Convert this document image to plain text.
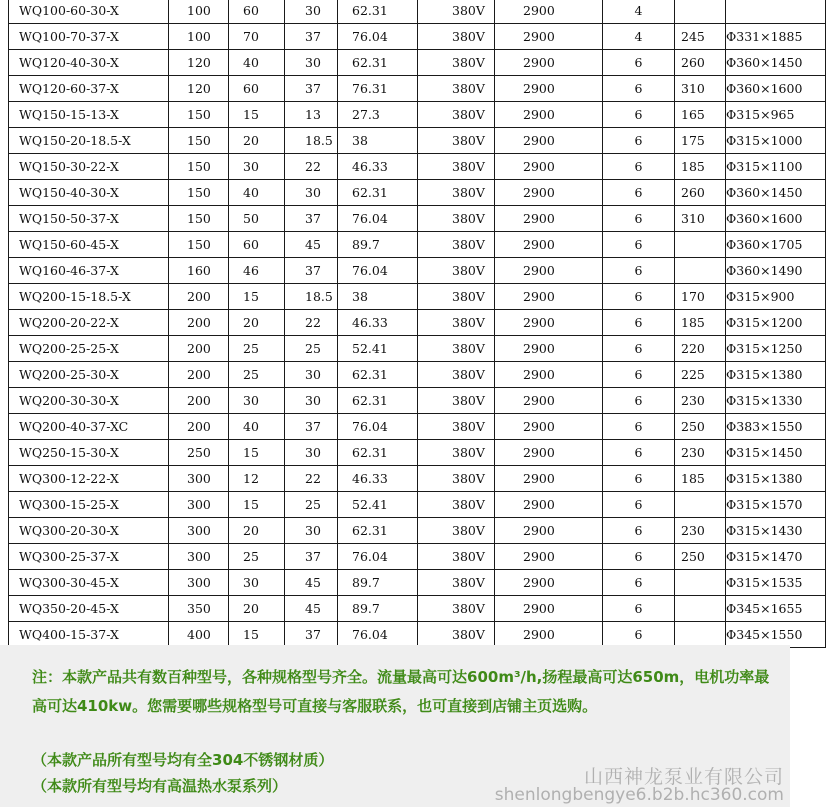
	WQ100-60-30-X	100	60	30	62.31	380V	2900	4		
	WQ100-70-37-X	100	70	37	76.04	380V	2900	4	245	Φ331×1885
	WQ120-40-30-X	120	40	30	62.31	380V	2900	6	260	Φ360×1450
	WQ120-60-37-X	120	60	37	76.31	380V	2900	6	310	Φ360×1600
	WQ150-15-13-X	150	15	13	27.3	380V	2900	6	165	Φ315×965
	WQ150-20-18.5-X	150	20	18.5	38	380V	2900	6	175	Φ315×1000
	WQ150-30-22-X	150	30	22	46.33	380V	2900	6	185	Φ315×1100
	WQ150-40-30-X	150	40	30	62.31	380V	2900	6	260	Φ360×1450
	WQ150-50-37-X	150	50	37	76.04	380V	2900	6	310	Φ360×1600
	WQ150-60-45-X	150	60	45	89.7	380V	2900	6		Φ360×1705
	WQ160-46-37-X	160	46	37	76.04	380V	2900	6		Φ360×1490
	WQ200-15-18.5-X	200	15	18.5	38	380V	2900	6	170	Φ315×900
	WQ200-20-22-X	200	20	22	46.33	380V	2900	6	185	Φ315×1200
	WQ200-25-25-X	200	25	25	52.41	380V	2900	6	220	Φ315×1250
	WQ200-25-30-X	200	25	30	62.31	380V	2900	6	225	Φ315×1380
	WQ200-30-30-X	200	30	30	62.31	380V	2900	6	230	Φ315×1330
	WQ200-40-37-XC	200	40	37	76.04	380V	2900	6	250	Φ383×1550
	WQ250-15-30-X	250	15	30	62.31	380V	2900	6	230	Φ315×1450
	WQ300-12-22-X	300	12	22	46.33	380V	2900	6	185	Φ315×1380
	WQ300-15-25-X	300	15	25	52.41	380V	2900	6		Φ315×1570
	WQ300-20-30-X	300	20	30	62.31	380V	2900	6	230	Φ315×1430
	WQ300-25-37-X	300	25	37	76.04	380V	2900	6	250	Φ315×1470
	WQ300-30-45-X	300	30	45	89.7	380V	2900	6		Φ315×1535
	WQ350-20-45-X	350	20	45	89.7	380V	2900	6		Φ345×1655
	WQ400-15-37-X	400	15	37	76.04	380V	2900	6		Φ345×1550
注：本款产品共有数百种型号，各种规格型号齐全。流量最高可达600m³/h,扬程最高可达650m，电机功率最高可达410kw。您需要哪些规格型号可直接与客服联系，也可直接到店铺主页选购。
（本款产品所有型号均有全304不锈钢材质）
（本款所有型号均有高温热水泵系列）	山西神龙泵业有限公司
shenlongbengye6.b2b.hc360.com
